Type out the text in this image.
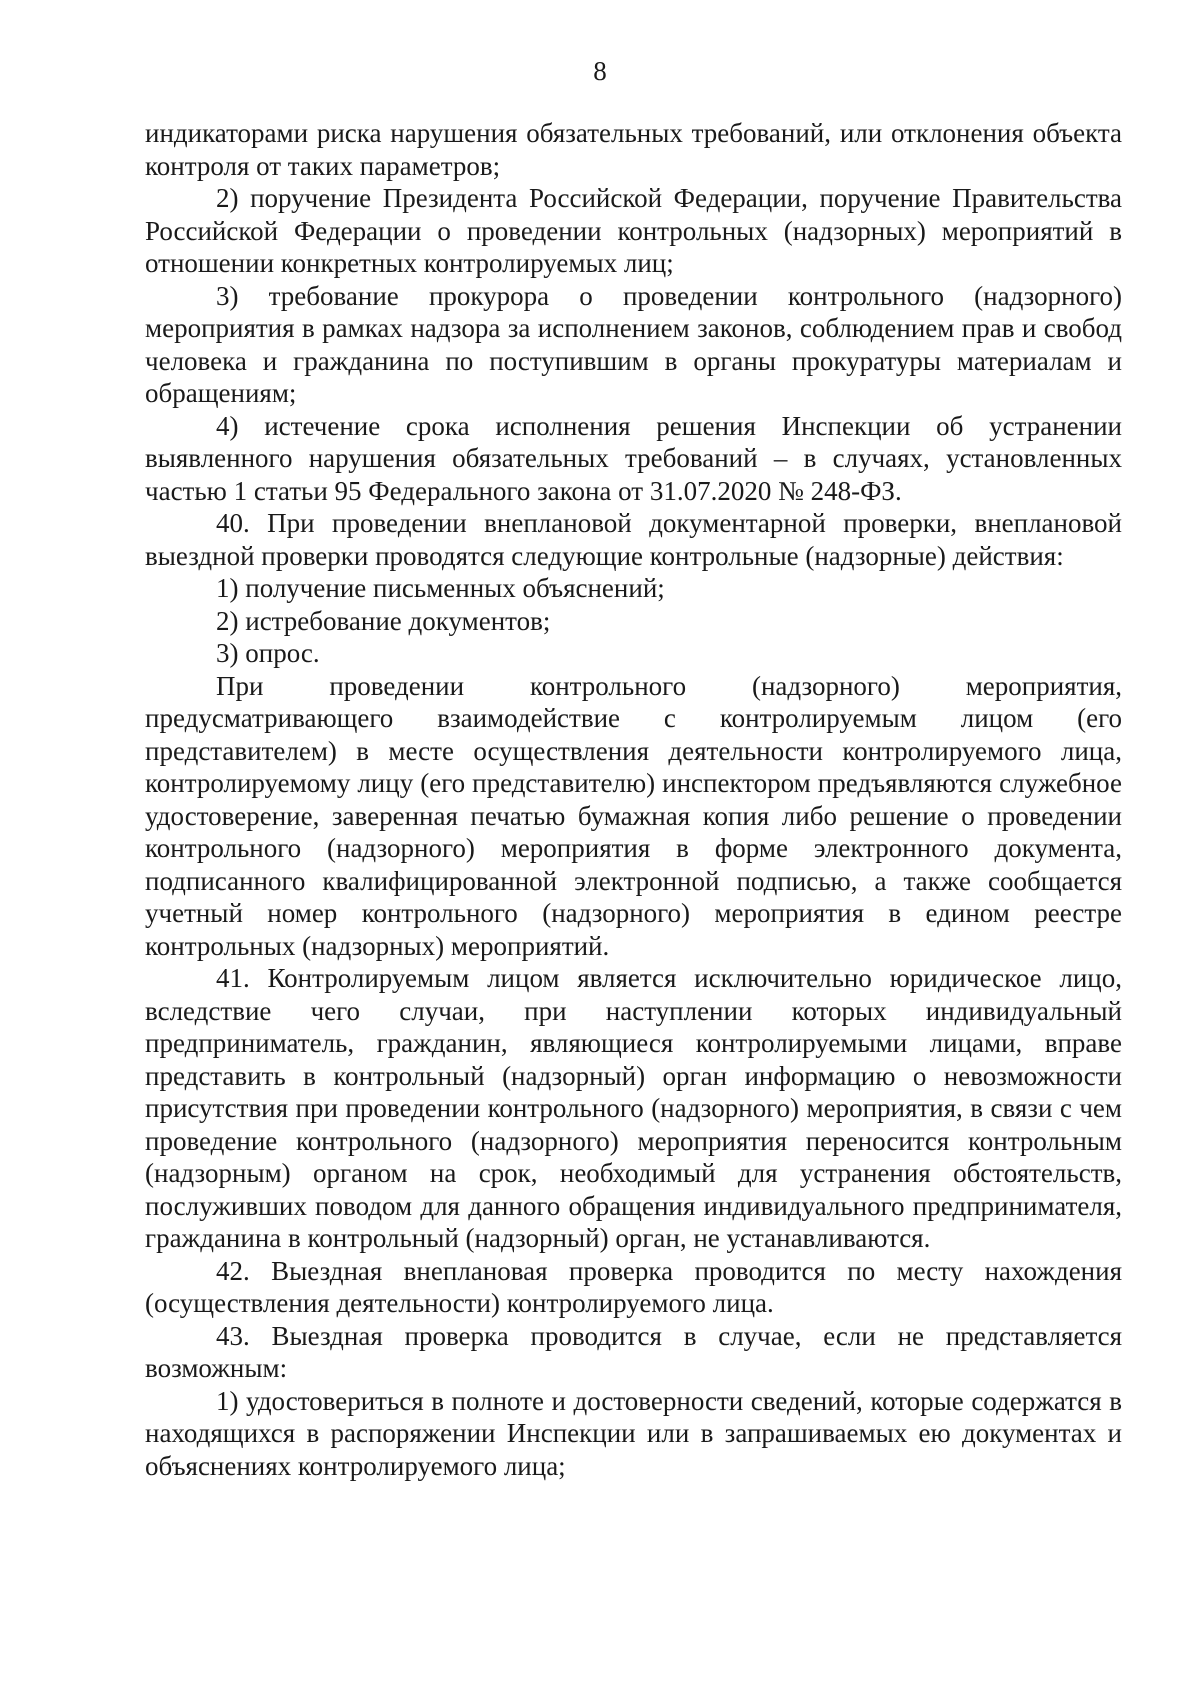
8

индикаторами риска нарушения обязательных требований, или отклонения объекта контроля от таких параметров;

2) поручение Президента Российской Федерации, поручение Правительства Российской Федерации о проведении контрольных (надзорных) мероприятий в отношении конкретных контролируемых лиц;

3) требование прокурора о проведении контрольного (надзорного) мероприятия в рамках надзора за исполнением законов, соблюдением прав и свобод человека и гражданина по поступившим в органы прокуратуры материалам и обращениям;

4) истечение срока исполнения решения Инспекции об устранении выявленного нарушения обязательных требований – в случаях, установленных частью 1 статьи 95 Федерального закона от 31.07.2020 № 248-ФЗ.

40. При проведении внеплановой документарной проверки, внеплановой выездной проверки проводятся следующие контрольные (надзорные) действия:

1) получение письменных объяснений;

2) истребование документов;

3) опрос.

При проведении контрольного (надзорного) мероприятия, предусматривающего взаимодействие с контролируемым лицом (его представителем) в месте осуществления деятельности контролируемого лица, контролируемому лицу (его представителю) инспектором предъявляются служебное удостоверение, заверенная печатью бумажная копия либо решение о проведении контрольного (надзорного) мероприятия в форме электронного документа, подписанного квалифицированной электронной подписью, а также сообщается учетный номер контрольного (надзорного) мероприятия в едином реестре контрольных (надзорных) мероприятий.

41. Контролируемым лицом является исключительно юридическое лицо, вследствие чего случаи, при наступлении которых индивидуальный предприниматель, гражданин, являющиеся контролируемыми лицами, вправе представить в контрольный (надзорный) орган информацию о невозможности присутствия при проведении контрольного (надзорного) мероприятия, в связи с чем проведение контрольного (надзорного) мероприятия переносится контрольным (надзорным) органом на срок, необходимый для устранения обстоятельств, послуживших поводом для данного обращения индивидуального предпринимателя, гражданина в контрольный (надзорный) орган, не устанавливаются.

42. Выездная внеплановая проверка проводится по месту нахождения (осуществления деятельности) контролируемого лица.

43. Выездная проверка проводится в случае, если не представляется возможным:

1) удостовериться в полноте и достоверности сведений, которые содержатся в находящихся в распоряжении Инспекции или в запрашиваемых ею документах и объяснениях контролируемого лица;
